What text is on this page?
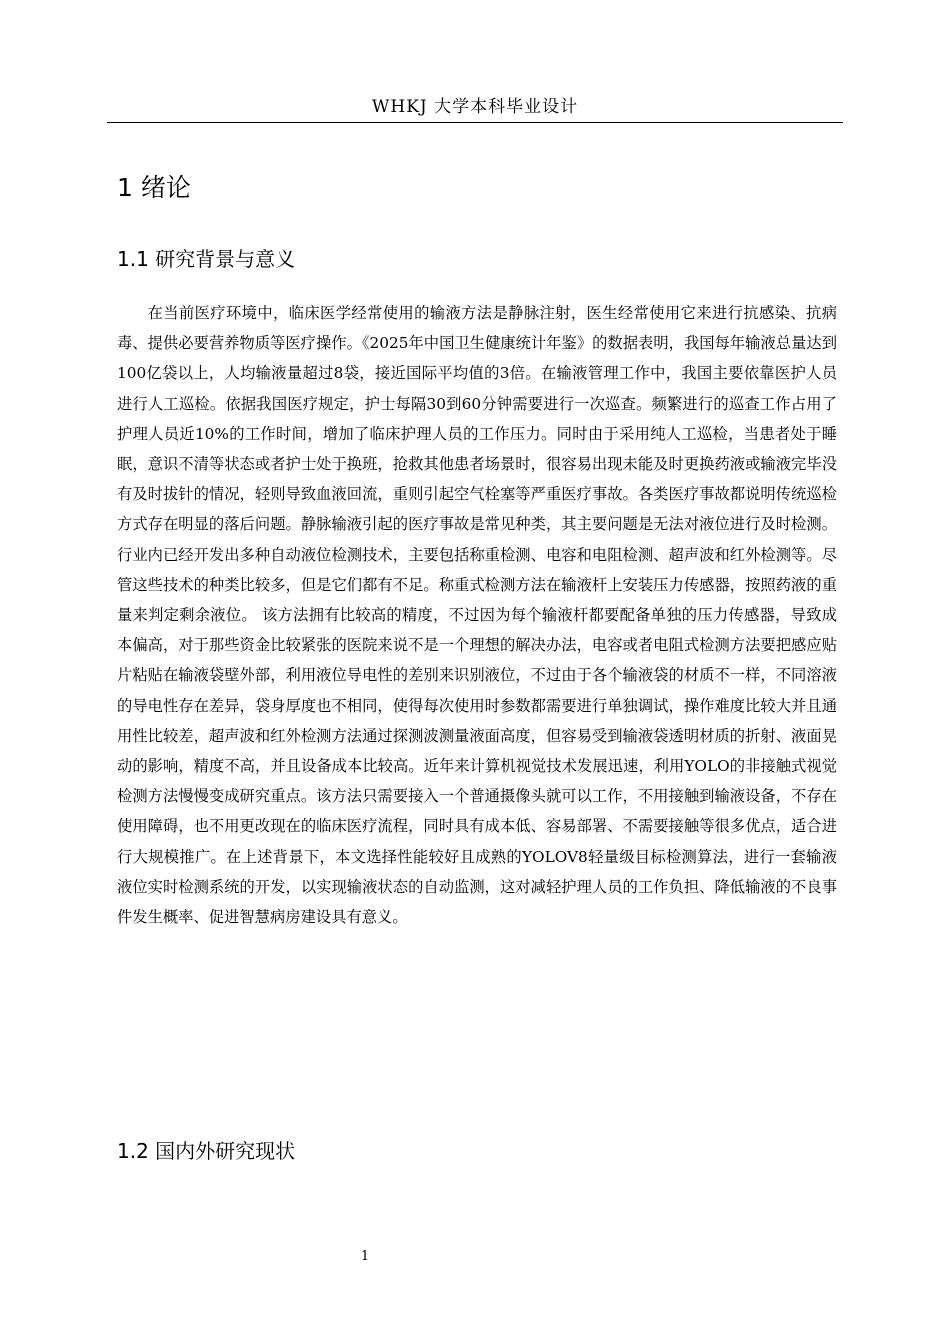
WHKJ 大学本科毕业设计
1 绪论
1.1 研究背景与意义

在当前医疗环境中，临床医学经常使用的输液方法是静脉注射，医生经常使用它来进行抗感染、抗病毒、提供必要营养物质等医疗操作。《2025年中国卫生健康统计年鉴》的数据表明，我国每年输液总量达到100亿袋以上，人均输液量超过8袋，接近国际平均值的3倍。在输液管理工作中，我国主要依靠医护人员进行人工巡检。依据我国医疗规定，护士每隔30到60分钟需要进行一次巡查。频繁进行的巡查工作占用了护理人员近10%的工作时间，增加了临床护理人员的工作压力。同时由于采用纯人工巡检，当患者处于睡眠，意识不清等状态或者护士处于换班，抢救其他患者场景时，很容易出现未能及时更换药液或输液完毕没有及时拔针的情况，轻则导致血液回流，重则引起空气栓塞等严重医疗事故。各类医疗事故都说明传统巡检方式存在明显的落后问题。静脉输液引起的医疗事故是常见种类，其主要问题是无法对液位进行及时检测。行业内已经开发出多种自动液位检测技术，主要包括称重检测、电容和电阻检测、超声波和红外检测等。尽管这些技术的种类比较多，但是它们都有不足。称重式检测方法在输液杆上安装压力传感器，按照药液的重量来判定剩余液位。 该方法拥有比较高的精度，不过因为每个输液杆都要配备单独的压力传感器，导致成本偏高，对于那些资金比较紧张的医院来说不是一个理想的解决办法，电容或者电阻式检测方法要把感应贴片粘贴在输液袋壁外部，利用液位导电性的差别来识别液位，不过由于各个输液袋的材质不一样，不同溶液的导电性存在差异，袋身厚度也不相同，使得每次使用时参数都需要进行单独调试，操作难度比较大并且通用性比较差，超声波和红外检测方法通过探测波测量液面高度，但容易受到输液袋透明材质的折射、液面晃动的影响，精度不高，并且设备成本比较高。近年来计算机视觉技术发展迅速，利用YOLO的非接触式视觉检测方法慢慢变成研究重点。该方法只需要接入一个普通摄像头就可以工作，不用接触到输液设备，不存在使用障碍，也不用更改现在的临床医疗流程，同时具有成本低、容易部署、不需要接触等很多优点，适合进行大规模推广。在上述背景下，本文选择性能较好且成熟的YOLOV8轻量级目标检测算法，进行一套输液液位实时检测系统的开发，以实现输液状态的自动监测，这对减轻护理人员的工作负担、降低输液的不良事件发生概率、促进智慧病房建设具有意义。

1.2 国内外研究现状
1
